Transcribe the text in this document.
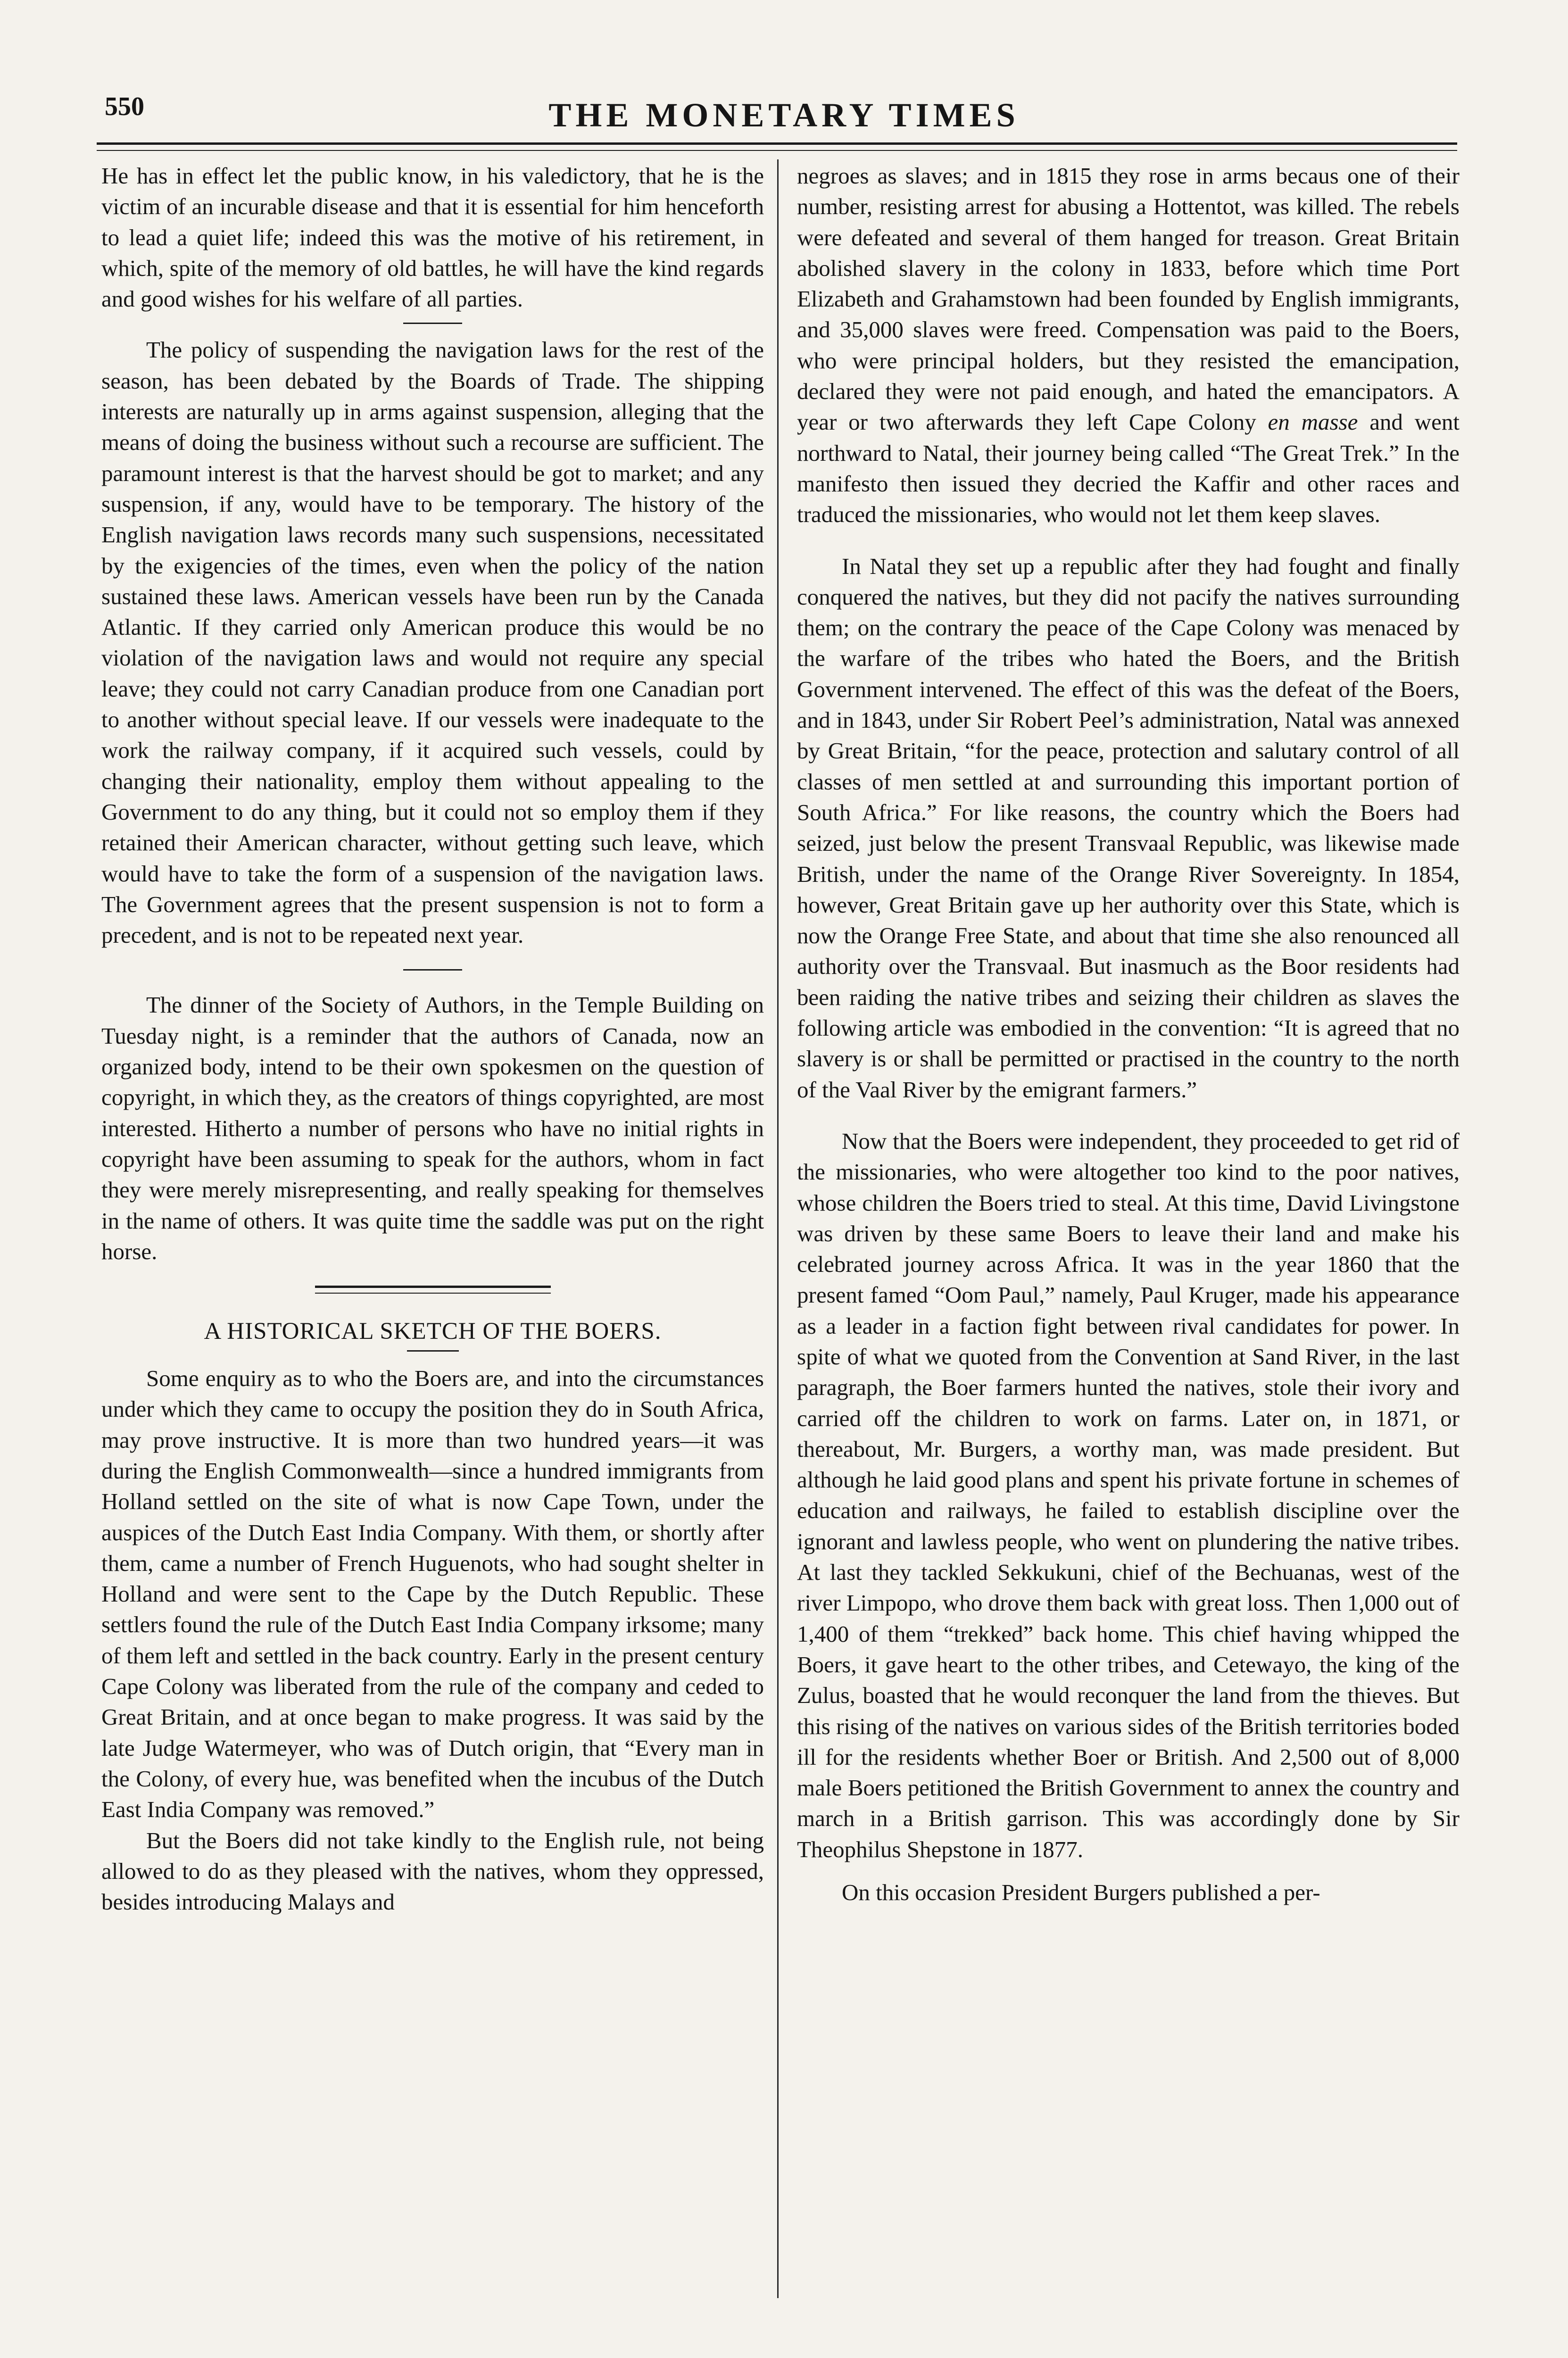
550	THE MONETARY TIMES

He has in effect let the public know, in his valedictory, that he is the victim of an incurable disease and that it is essential for him henceforth to lead a quiet life; indeed this was the motive of his retirement, in which, spite of the memory of old battles, he will have the kind regards and good wishes for his welfare of all parties.

The policy of suspending the navigation laws for the rest of the season, has been debated by the Boards of Trade. The shipping interests are naturally up in arms against suspension, alleging that the means of doing the business without such a recourse are sufficient. The paramount interest is that the harvest should be got to market; and any suspension, if any, would have to be temporary. The history of the English navigation laws records many such suspensions, necessitated by the exigencies of the times, even when the policy of the nation sustained these laws. American vessels have been run by the Canada Atlantic. If they carried only American produce this would be no violation of the navigation laws and would not require any special leave; they could not carry Canadian produce from one Canadian port to another without special leave. If our vessels were inadequate to the work the railway company, if it acquired such vessels, could by changing their nationality, employ them without appealing to the Government to do any thing, but it could not so employ them if they retained their American character, without getting such leave, which would have to take the form of a suspension of the navigation laws. The Government agrees that the present suspension is not to form a precedent, and is not to be repeated next year.

The dinner of the Society of Authors, in the Temple Building on Tuesday night, is a reminder that the authors of Canada, now an organized body, intend to be their own spokesmen on the question of copyright, in which they, as the creators of things copyrighted, are most interested. Hitherto a number of persons who have no initial rights in copyright have been assuming to speak for the authors, whom in fact they were merely misrepresenting, and really speaking for themselves in the name of others. It was quite time the saddle was put on the right horse.

A HISTORICAL SKETCH OF THE BOERS.

Some enquiry as to who the Boers are, and into the circumstances under which they came to occupy the position they do in South Africa, may prove instructive. It is more than two hundred years—it was during the English Commonwealth—since a hundred immigrants from Holland settled on the site of what is now Cape Town, under the auspices of the Dutch East India Company. With them, or shortly after them, came a number of French Huguenots, who had sought shelter in Holland and were sent to the Cape by the Dutch Republic. These settlers found the rule of the Dutch East India Company irksome; many of them left and settled in the back country. Early in the present century Cape Colony was liberated from the rule of the company and ceded to Great Britain, and at once began to make progress. It was said by the late Judge Watermeyer, who was of Dutch origin, that “Every man in the Colony, of every hue, was benefited when the incubus of the Dutch East India Company was removed.”

But the Boers did not take kindly to the English rule, not being allowed to do as they pleased with the natives, whom they oppressed, besides introducing Malays and

negroes as slaves; and in 1815 they rose in arms becaus one of their number, resisting arrest for abusing a Hottentot, was killed. The rebels were defeated and several of them hanged for treason. Great Britain abolished slavery in the colony in 1833, before which time Port Elizabeth and Grahamstown had been founded by English immigrants, and 35,000 slaves were freed. Compensation was paid to the Boers, who were principal holders, but they resisted the emancipation, declared they were not paid enough, and hated the emancipators. A year or two afterwards they left Cape Colony en masse and went northward to Natal, their journey being called “The Great Trek.” In the manifesto then issued they decried the Kaffir and other races and traduced the missionaries, who would not let them keep slaves.

In Natal they set up a republic after they had fought and finally conquered the natives, but they did not pacify the natives surrounding them; on the contrary the peace of the Cape Colony was menaced by the warfare of the tribes who hated the Boers, and the British Government intervened. The effect of this was the defeat of the Boers, and in 1843, under Sir Robert Peel’s administration, Natal was annexed by Great Britain, “for the peace, protection and salutary control of all classes of men settled at and surrounding this important portion of South Africa.” For like reasons, the country which the Boers had seized, just below the present Transvaal Republic, was likewise made British, under the name of the Orange River Sovereignty. In 1854, however, Great Britain gave up her authority over this State, which is now the Orange Free State, and about that time she also renounced all authority over the Transvaal. But inasmuch as the Boor residents had been raiding the native tribes and seizing their children as slaves the following article was embodied in the convention: “It is agreed that no slavery is or shall be permitted or practised in the country to the north of the Vaal River by the emigrant farmers.”

Now that the Boers were independent, they proceeded to get rid of the missionaries, who were altogether too kind to the poor natives, whose children the Boers tried to steal. At this time, David Livingstone was driven by these same Boers to leave their land and make his celebrated journey across Africa. It was in the year 1860 that the present famed “Oom Paul,” namely, Paul Kruger, made his appearance as a leader in a faction fight between rival candidates for power. In spite of what we quoted from the Convention at Sand River, in the last paragraph, the Boer farmers hunted the natives, stole their ivory and carried off the children to work on farms. Later on, in 1871, or thereabout, Mr. Burgers, a worthy man, was made president. But although he laid good plans and spent his private fortune in schemes of education and railways, he failed to establish discipline over the ignorant and lawless people, who went on plundering the native tribes. At last they tackled Sekkukuni, chief of the Bechuanas, west of the river Limpopo, who drove them back with great loss. Then 1,000 out of 1,400 of them “trekked” back home. This chief having whipped the Boers, it gave heart to the other tribes, and Cetewayo, the king of the Zulus, boasted that he would reconquer the land from the thieves. But this rising of the natives on various sides of the British territories boded ill for the residents whether Boer or British. And 2,500 out of 8,000 male Boers petitioned the British Government to annex the country and march in a British garrison. This was accordingly done by Sir Theophilus Shepstone in 1877.

On this occasion President Burgers published a per-
